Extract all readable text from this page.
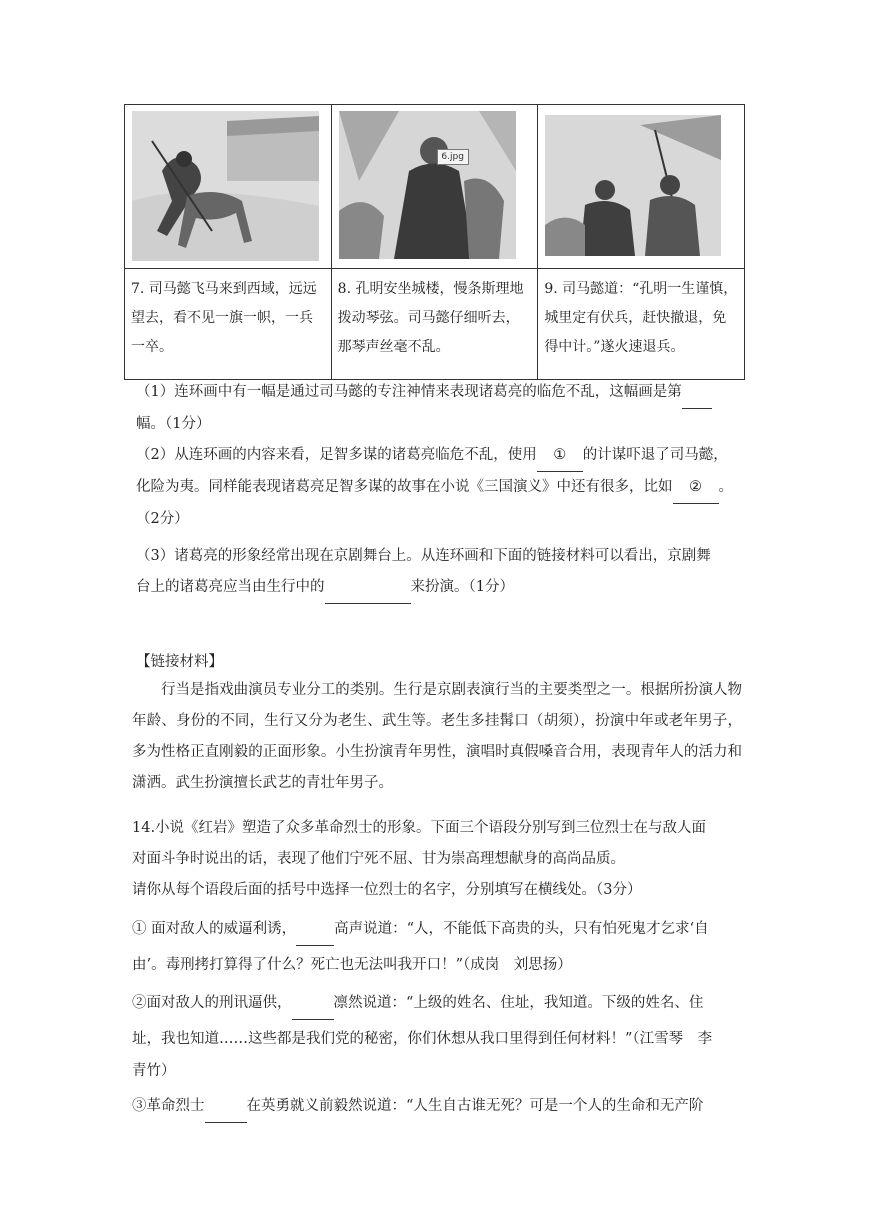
6.jpg

7. 司马懿飞马来到西域，远远望去，看不见一旗一帜，一兵一卒。	8. 孔明安坐城楼，慢条斯理地拨动琴弦。司马懿仔细听去，那琴声丝毫不乱。	9. 司马懿道：“孔明一生谨慎，城里定有伏兵，赶快撤退，免得中计。”遂火速退兵。
（1）连环画中有一幅是通过司马懿的专注神情来表现诸葛亮的临危不乱，这幅画是第
幅。（1分）
（2）从连环画的内容来看，足智多谋的诸葛亮临危不乱，使用 ① 的计谋吓退了司马懿，
化险为夷。同样能表现诸葛亮足智多谋的故事在小说《三国演义》中还有很多，比如 ② 。
（2分）
（3）诸葛亮的形象经常出现在京剧舞台上。从连环画和下面的链接材料可以看出，京剧舞
台上的诸葛亮应当由生行中的	来扮演。（1分）
【链接材料】
行当是指戏曲演员专业分工的类别。生行是京剧表演行当的主要类型之一。根据所扮演人物年龄、身份的不同，生行又分为老生、武生等。老生多挂髯口（胡须），扮演中年或老年男子，多为性格正直刚毅的正面形象。小生扮演青年男性，演唱时真假嗓音合用，表现青年人的活力和潇洒。武生扮演擅长武艺的青壮年男子。
14.小说《红岩》塑造了众多革命烈士的形象。下面三个语段分别写到三位烈士在与敌人面
对面斗争时说出的话，表现了他们宁死不屈、甘为崇高理想献身的高尚品质。
请你从每个语段后面的括号中选择一位烈士的名字，分别填写在横线处。（3分）
① 面对敌人的威逼利诱，	高声说道：“人，不能低下高贵的头，只有怕死鬼才乞求‘自
由’。毒刑拷打算得了什么？死亡也无法叫我开口！”（成岗　刘思扬）
②面对敌人的刑讯逼供，	凛然说道：“上级的姓名、住址，我知道。下级的姓名、住
址，我也知道……这些都是我们党的秘密，你们休想从我口里得到任何材料！”（江雪琴　李
青竹）
③革命烈士	在英勇就义前毅然说道：“人生自古谁无死？可是一个人的生命和无产阶
